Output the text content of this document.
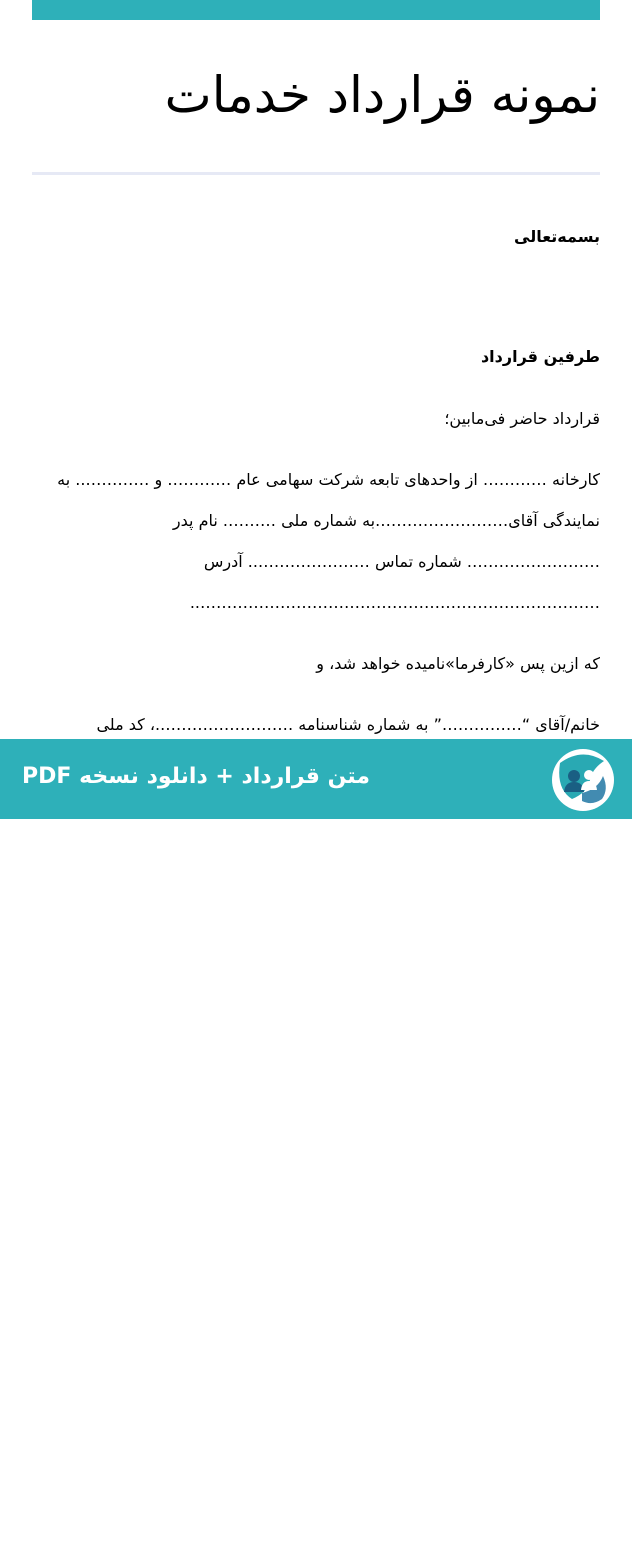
نمونه قرارداد خدمات
بسمه‌تعالی
طرفین قرارداد
قرارداد حاضر فی‌مابین؛
کارخانه ………… از واحدهای تابعه شرکت سهامی عام ………… و ………….. به
نمایندگی آقای…………………….به شماره ملی ………. نام پدر
……………………. شماره تماس ………………….. آدرس
…………………………………………………………………..
که ازین پس «کارفرما»نامیده خواهد شد، و
خانم/آقای “……………” به شماره شناسنامه ……………………..، کد ملی
متن قرارداد + دانلود نسخه PDF
ر
